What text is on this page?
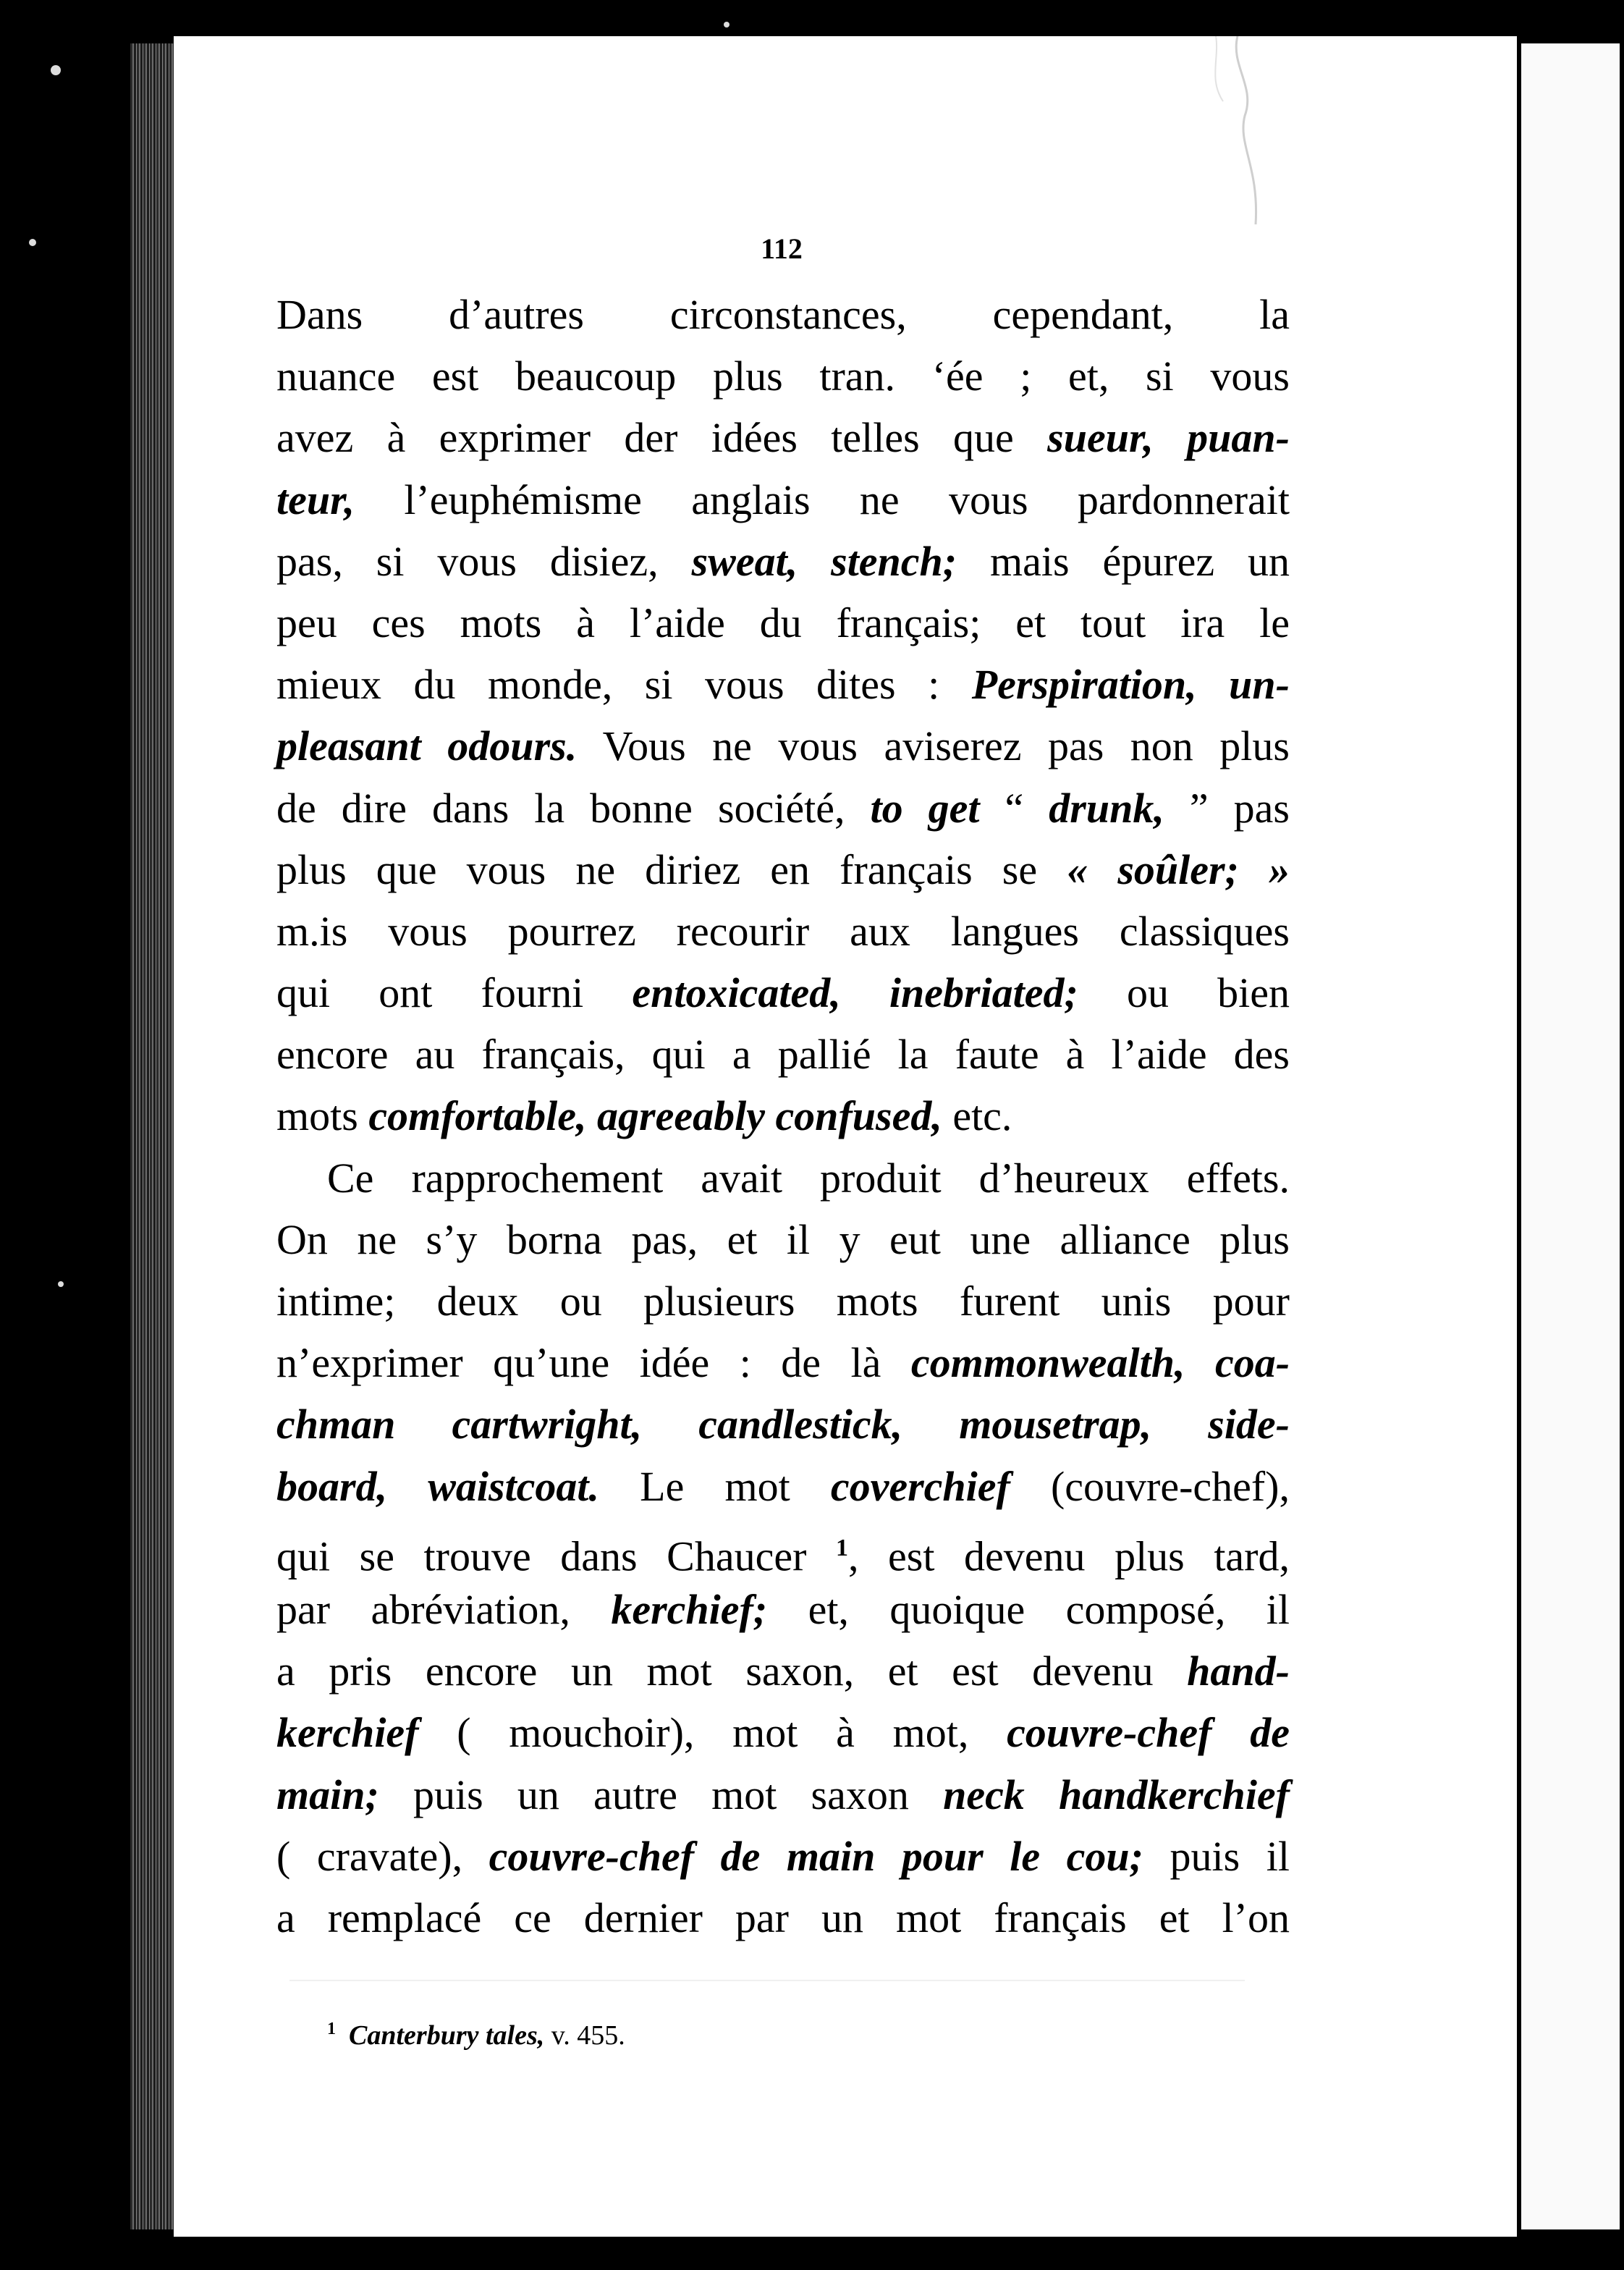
112
Dans d’autres circonstances, cependant, la
nuance est beaucoup plus tran. ‘ée ; et, si vous
avez à exprimer der idées telles que sueur, puan-
teur, l’euphémisme anglais ne vous pardonnerait
pas, si vous disiez, sweat, stench; mais épurez un
peu ces mots à l’aide du français; et tout ira le
mieux du monde, si vous dites : Perspiration, un-
pleasant odours. Vous ne vous aviserez pas non plus
de dire dans la bonne société, to get “ drunk, ” pas
plus que vous ne diriez en français se « soûler; »
m.is vous pourrez recourir aux langues classiques
qui ont fourni entoxicated, inebriated; ou bien
encore au français, qui a pallié la faute à l’aide des
mots comfortable, agreeably confused, etc.
Ce rapprochement avait produit d’heureux effets.
On ne s’y borna pas, et il y eut une alliance plus
intime; deux ou plusieurs mots furent unis pour
n’exprimer qu’une idée : de là commonwealth, coa-
chman cartwright, candlestick, mousetrap, side-
board, waistcoat. Le mot coverchief (couvre-chef),
qui se trouve dans Chaucer $^1$, est devenu plus tard,
par abréviation, kerchief; et, quoique composé, il
a pris encore un mot saxon, et est devenu hand-
kerchief ( mouchoir), mot à mot, couvre-chef de
main; puis un autre mot saxon neck handkerchief
( cravate), couvre-chef de main pour le cou; puis il
a remplacé ce dernier par un mot français et l’on
$^1$ Canterbury tales, v. 455.
